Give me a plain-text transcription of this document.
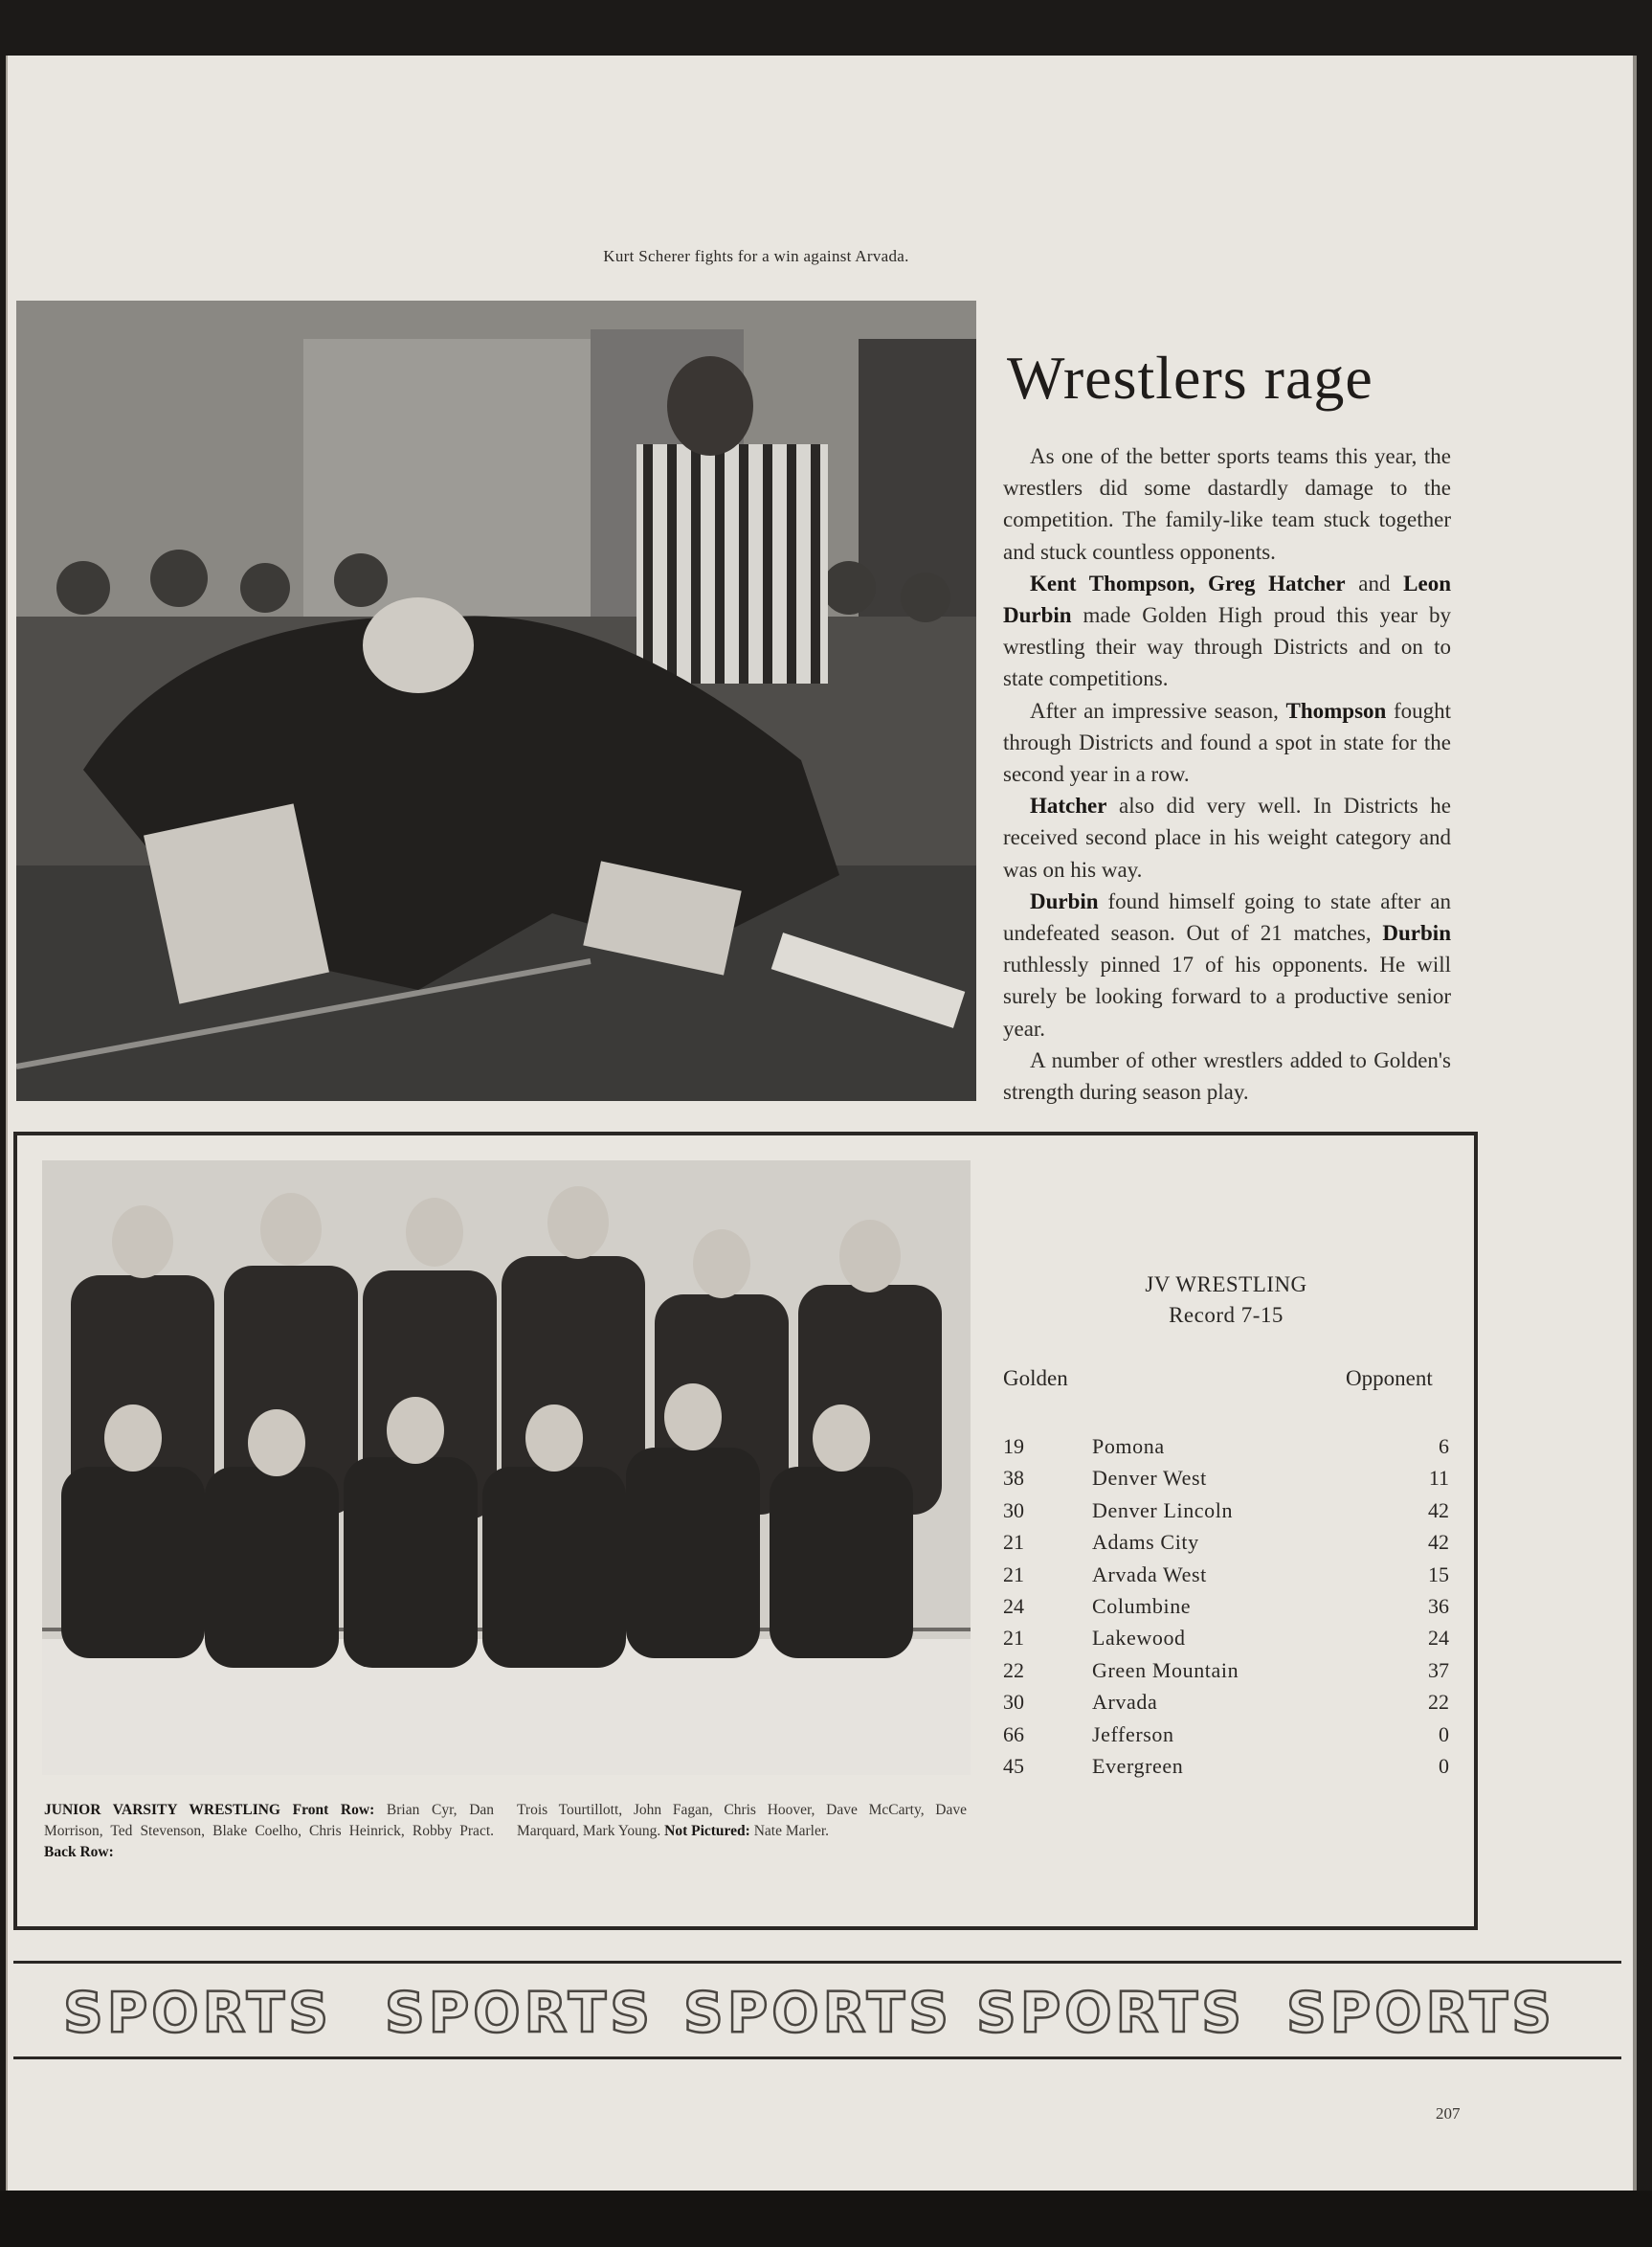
Kurt Scherer fights for a win against Arvada.
Wrestlers rage

As one of the better sports teams this year, the wrestlers did some dastardly damage to the competition. The family-like team stuck together and stuck countless opponents.

Kent Thompson, Greg Hatcher and Leon Durbin made Golden High proud this year by wrestling their way through Districts and on to state competitions.

After an impressive season, Thompson fought through Districts and found a spot in state for the second year in a row.

Hatcher also did very well. In Districts he received second place in his weight category and was on his way.

Durbin found himself going to state after an undefeated season. Out of 21 matches, Durbin ruthlessly pinned 17 of his opponents. He will surely be looking forward to a productive senior year.

A number of other wrestlers added to Golden's strength during season play.

JV WRESTLING
Record 7-15
Golden	Opponent
19	Pomona	6
38	Denver West	11
30	Denver Lincoln	42
21	Adams City	42
21	Arvada West	15
24	Columbine	36
21	Lakewood	24
22	Green Mountain	37
30	Arvada	22
66	Jefferson	0
45	Evergreen	0
JUNIOR VARSITY WRESTLING Front Row: Brian Cyr, Dan Morrison, Ted Stevenson, Blake Coelho, Chris Heinrick, Robby Pract. Back Row:
Trois Tourtillott, John Fagan, Chris Hoover, Dave McCarty, Dave Marquard, Mark Young. Not Pictured: Nate Marler.
SPORTS SPORTS SPORTS SPORTS SPORTS
207
